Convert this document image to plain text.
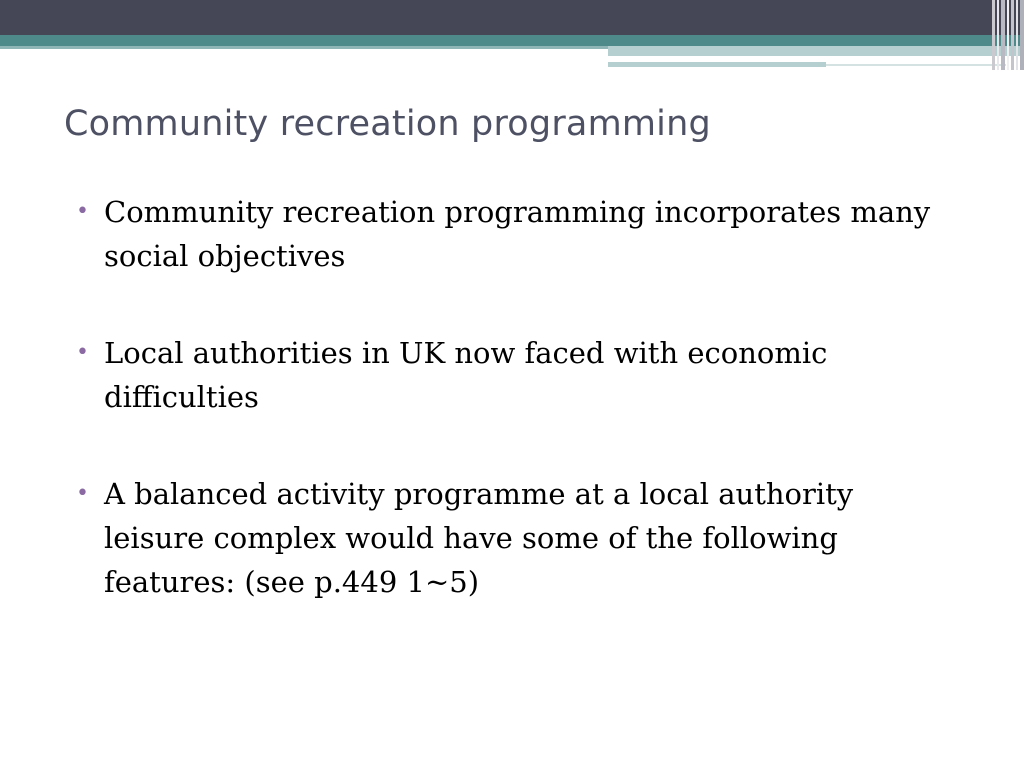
Community recreation programming
• Community recreation programming incorporates many social objectives
• Local authorities in UK now faced with economic difficulties
• A balanced activity programme at a local authority leisure complex would have some of the following features: (see p.449 1~5)
